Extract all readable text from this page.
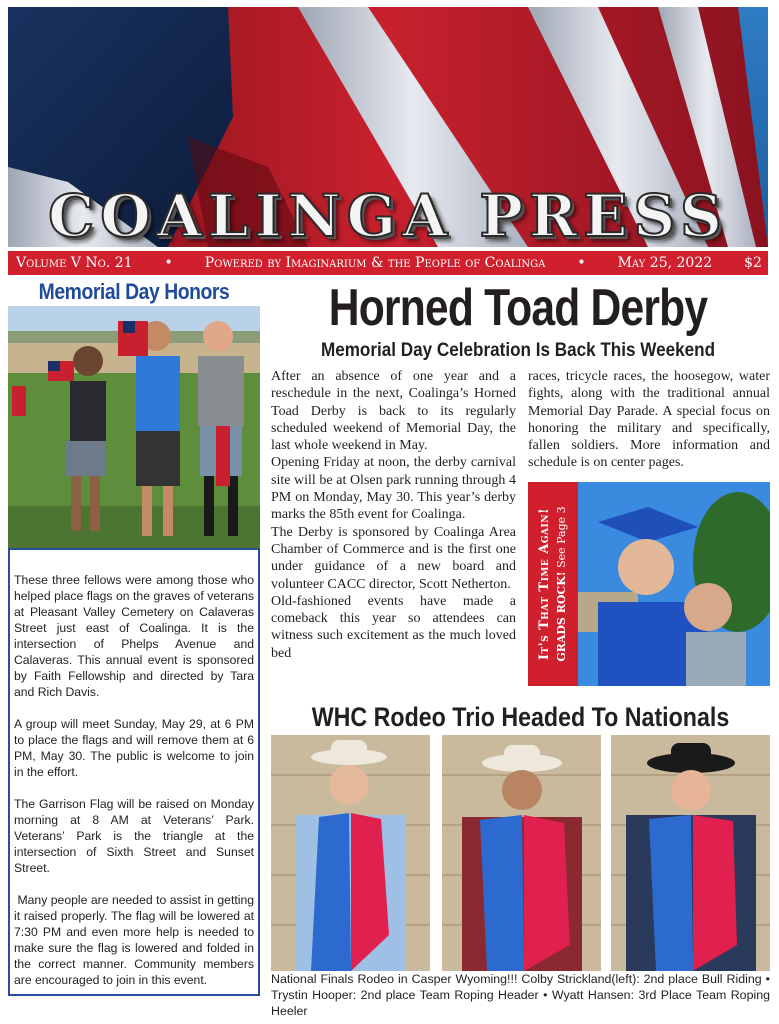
COALINGA PRESS
Volume V No. 21 • Powered by Imaginarium & the People of Coalinga • May 25, 2022 $2
Memorial Day Honors

These three fellows were among those who helped place flags on the graves of veterans at Pleasant Valley Cemetery on Calaveras Street just east of Coalinga. It is the intersection of Phelps Avenue and Calaveras. This annual event is sponsored by Faith Fellowship and directed by Tara and Rich Davis.

A group will meet Sunday, May 29, at 6 PM to place the flags and will remove them at 6 PM, May 30. The public is welcome to join in the effort.

The Garrison Flag will be raised on Monday morning at 8 AM at Veterans’ Park. Veterans’ Park is the triangle at the intersection of Sixth Street and Sunset Street.

Many people are needed to assist in getting it raised properly. The flag will be lowered at 7:30 PM and even more help is needed to make sure the flag is lowered and folded in the correct manner. Community members are encouraged to join in this event.

Horned Toad Derby
Memorial Day Celebration Is Back This Weekend

After an absence of one year and a reschedule in the next, Coalinga’s Horned Toad Derby is back to its regularly scheduled weekend of Memorial Day, the last whole weekend in May.

Opening Friday at noon, the derby carnival site will be at Olsen park running through 4 PM on Monday, May 30. This year’s derby marks the 85th event for Coalinga.

The Derby is sponsored by Coalinga Area Chamber of Commerce and is the first one under guidance of a new board and volunteer CACC director, Scott Netherton.

Old-fashioned events have made a comeback this year so attendees can witness such excitement as the much loved bed

races, tricycle races, the hoosegow, water fights, along with the traditional annual Memorial Day Parade. A special focus on honoring the military and specifically, fallen soldiers. More information and schedule is on center pages.

It's That Time Again! GRADS ROCK! See Page 3
WHC Rodeo Trio Headed To Nationals
National Finals Rodeo in Casper Wyoming!!! Colby Strickland(left): 2nd place Bull Riding • Trystin Hooper: 2nd place Team Roping Header • Wyatt Hansen: 3rd Place Team Roping Heeler
